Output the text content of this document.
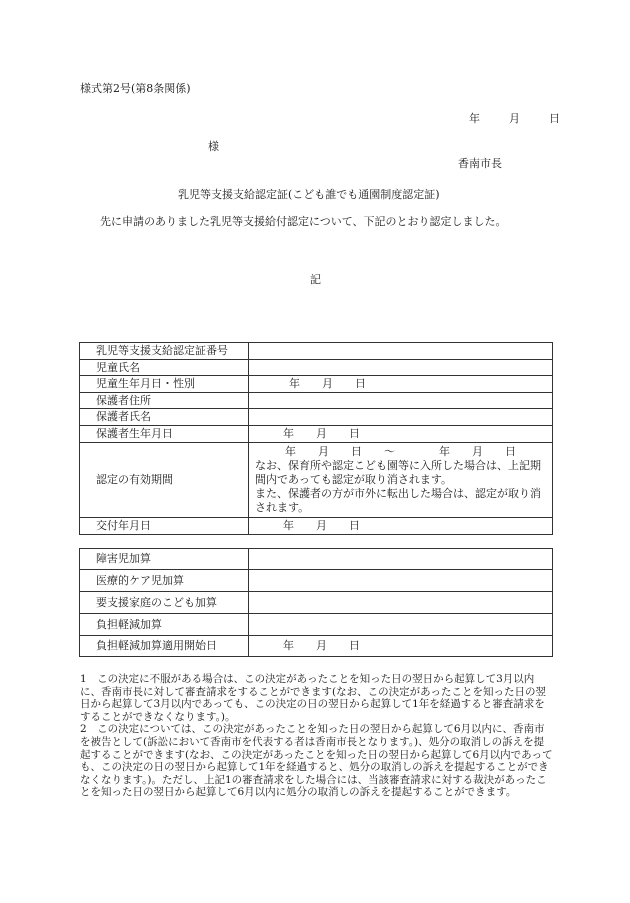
様式第2号(第8条関係)
年	月	日
様
香南市長
乳児等支援支給認定証(こども誰でも通園制度認定証)
先に申請のありました乳児等支援給付認定について、下記のとおり認定しました。
記
乳児等支援支給認定証番号	
児童氏名	
児童生年月日・性別	年　　月　　日
保護者住所	
保護者氏名	
保護者生年月日	年　　月　　日
認定の有効期間	年　　月　　日　　～　　　　年　　月　　日
なお、保育所や認定こども園等に入所した場合は、上記期間内であっても認定が取り消されます。
また、保護者の方が市外に転出した場合は、認定が取り消されます。

交付年月日	年　　月　　日
障害児加算	
医療的ケア児加算	
要支援家庭のこども加算	
負担軽減加算	
負担軽減加算適用開始日	年　　月　　日

1　この決定に不服がある場合は、この決定があったことを知った日の翌日から起算して3月以内に、香南市長に対して審査請求をすることができます(なお、この決定があったことを知った日の翌日から起算して3月以内であっても、この決定の日の翌日から起算して1年を経過すると審査請求をすることができなくなります。)。

2　この決定については、この決定があったことを知った日の翌日から起算して6月以内に、香南市を被告として(訴訟において香南市を代表する者は香南市長となります。)、処分の取消しの訴えを提起することができます(なお、この決定があったことを知った日の翌日から起算して6月以内であっても、この決定の日の翌日から起算して1年を経過すると、処分の取消しの訴えを提起することができなくなります。)。ただし、上記1の審査請求をした場合には、当該審査請求に対する裁決があったことを知った日の翌日から起算して6月以内に処分の取消しの訴えを提起することができます。
